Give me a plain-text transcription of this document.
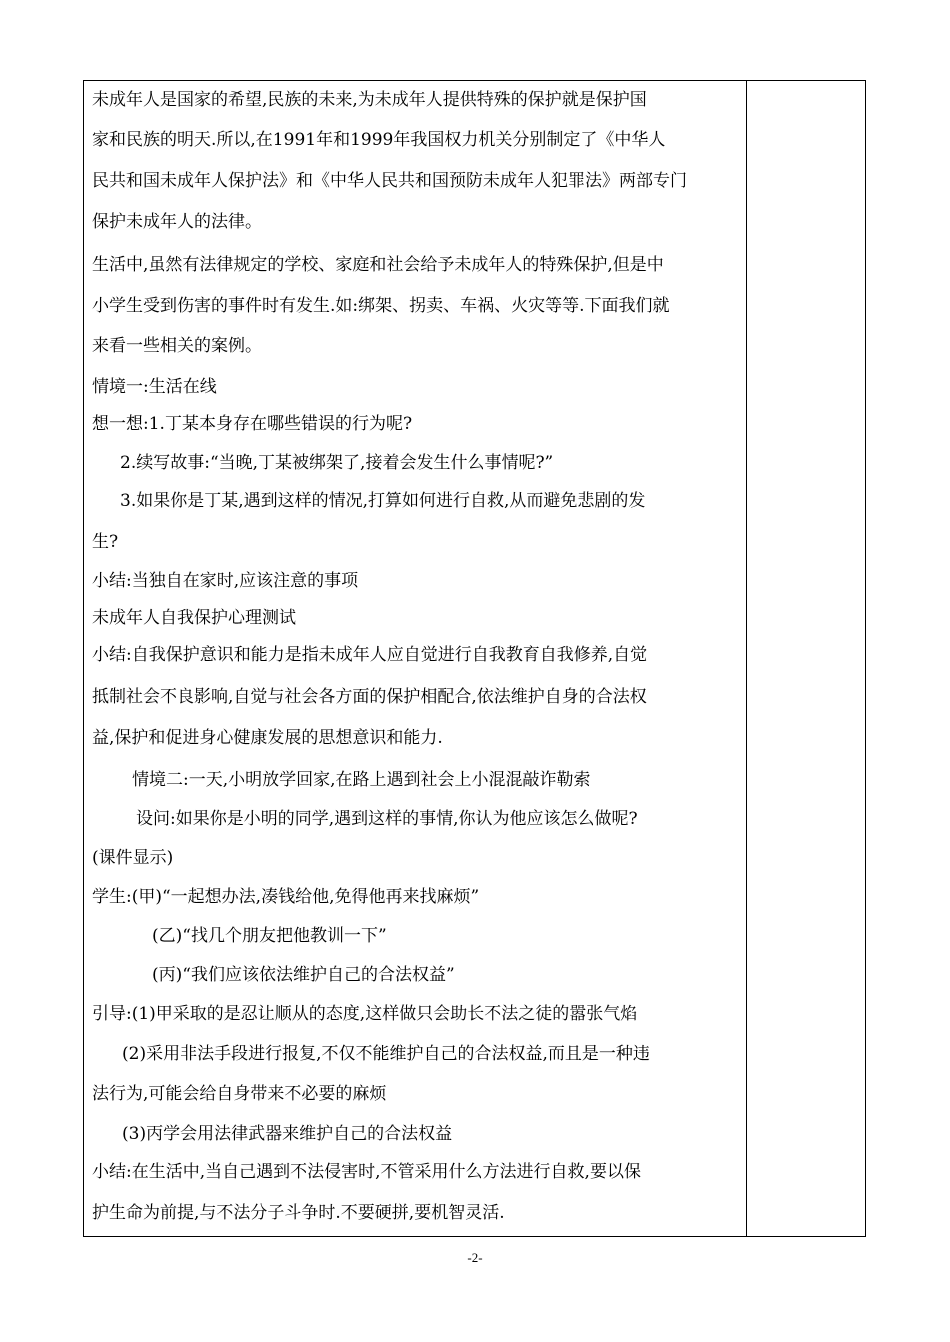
未成年人是国家的希望,民族的未来,为未成年人提供特殊的保护就是保护国
家和民族的明天.所以,在1991年和1999年我国权力机关分别制定了《中华人
民共和国未成年人保护法》和《中华人民共和国预防未成年人犯罪法》两部专门
保护未成年人的法律。
生活中,虽然有法律规定的学校、家庭和社会给予未成年人的特殊保护,但是中
小学生受到伤害的事件时有发生.如:绑架、拐卖、车祸、火灾等等.下面我们就
来看一些相关的案例。
情境一:生活在线
想一想:1.丁某本身存在哪些错误的行为呢?
2.续写故事:“当晚,丁某被绑架了,接着会发生什么事情呢?”
3.如果你是丁某,遇到这样的情况,打算如何进行自救,从而避免悲剧的发
生?
小结:当独自在家时,应该注意的事项
未成年人自我保护心理测试
小结:自我保护意识和能力是指未成年人应自觉进行自我教育自我修养,自觉
抵制社会不良影响,自觉与社会各方面的保护相配合,依法维护自身的合法权
益,保护和促进身心健康发展的思想意识和能力.
情境二:一天,小明放学回家,在路上遇到社会上小混混敲诈勒索
设问:如果你是小明的同学,遇到这样的事情,你认为他应该怎么做呢?
(课件显示)
学生:(甲)“一起想办法,凑钱给他,免得他再来找麻烦”
(乙)“找几个朋友把他教训一下”
(丙)“我们应该依法维护自己的合法权益”
引导:(1)甲采取的是忍让顺从的态度,这样做只会助长不法之徒的嚣张气焰
(2)采用非法手段进行报复,不仅不能维护自己的合法权益,而且是一种违
法行为,可能会给自身带来不必要的麻烦
(3)丙学会用法律武器来维护自己的合法权益
小结:在生活中,当自己遇到不法侵害时,不管采用什么方法进行自救,要以保
护生命为前提,与不法分子斗争时.不要硬拼,要机智灵活.
-2-
